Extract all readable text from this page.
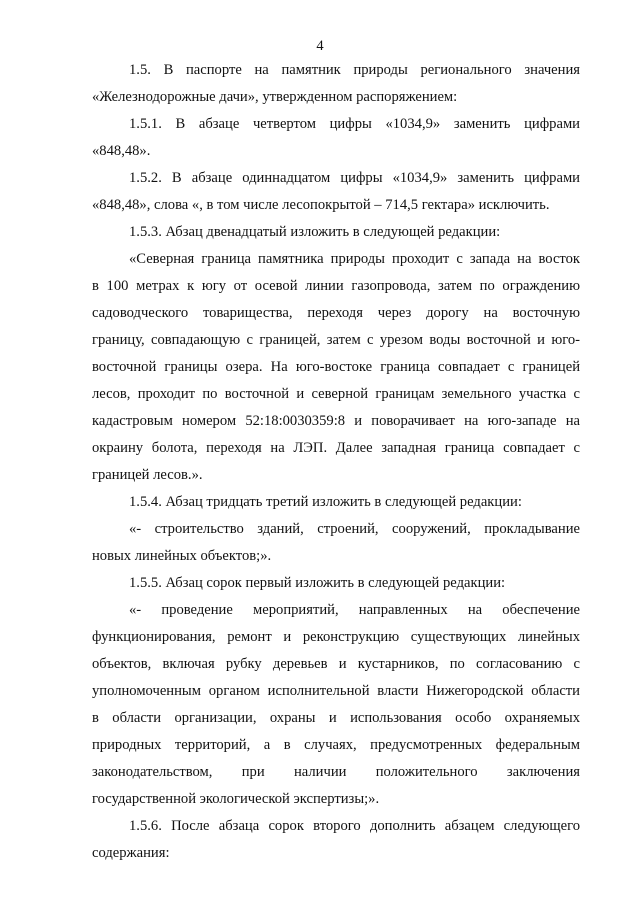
4
1.5. В паспорте на памятник природы регионального значения
«Железнодорожные дачи», утвержденном распоряжением:
1.5.1. В абзаце четвертом цифры «1034,9» заменить цифрами
«848,48».
1.5.2. В абзаце одиннадцатом цифры «1034,9» заменить цифрами
«848,48», слова «, в том числе лесопокрытой – 714,5 гектара» исключить.
1.5.3. Абзац двенадцатый изложить в следующей редакции:
«Северная граница памятника природы проходит с запада на восток
в 100 метрах к югу от осевой линии газопровода, затем по ограждению
садоводческого товарищества, переходя через дорогу на восточную
границу, совпадающую с границей, затем с урезом воды восточной и юго-
восточной границы озера. На юго-востоке граница совпадает с границей
лесов, проходит по восточной и северной границам земельного участка с
кадастровым номером 52:18:0030359:8 и поворачивает на юго-западе на
окраину болота, переходя на ЛЭП. Далее западная граница совпадает с
границей лесов.».
1.5.4. Абзац тридцать третий изложить в следующей редакции:
«- строительство зданий, строений, сооружений, прокладывание
новых линейных объектов;».
1.5.5. Абзац сорок первый изложить в следующей редакции:
«- проведение мероприятий, направленных на обеспечение
функционирования, ремонт и реконструкцию существующих линейных
объектов, включая рубку деревьев и кустарников, по согласованию с
уполномоченным органом исполнительной власти Нижегородской области
в области организации, охраны и использования особо охраняемых
природных территорий, а в случаях, предусмотренных федеральным
законодательством, при наличии положительного заключения
государственной экологической экспертизы;».
1.5.6. После абзаца сорок второго дополнить абзацем следующего
содержания:
